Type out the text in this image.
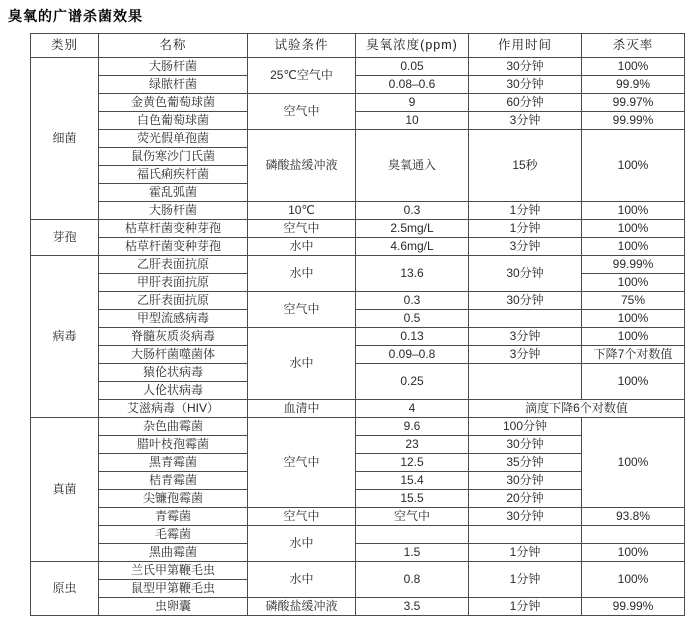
臭氧的广谱杀菌效果
类别	名称	试验条件	臭氧浓度(ppm)	作用时间	杀灭率
细菌	大肠杆菌	25℃空气中	0.05	30分钟	100%
	绿脓杆菌		0.08–0.6	30分钟	99.9%
	金黄色葡萄球菌	空气中	9	60分钟	99.97%
	白色葡萄球菌		10	3分钟	99.99%
	荧光假单孢菌	磷酸盐缓冲液	臭氧通入	15秒	100%
	鼠伤寒沙门氏菌				
	福氏痢疾杆菌				
	霍乱弧菌				
	大肠杆菌	10℃	0.3	1分钟	100%
芽孢	枯草杆菌变种芽孢	空气中	2.5mg/L	1分钟	100%
	枯草杆菌变种芽孢	水中	4.6mg/L	3分钟	100%
病毒	乙肝表面抗原	水中	13.6	30分钟	99.99%
	甲肝表面抗原				100%
	乙肝表面抗原	空气中	0.3	30分钟	75%
	甲型流感病毒		0.5		100%
	脊髓灰质炎病毒	水中	0.13	3分钟	100%
	大肠杆菌噬菌体		0.09–0.8	3分钟	下降7个对数值
	猿伦状病毒		0.25		100%
	人伦状病毒				
	艾滋病毒（HIV）	血清中	4	滴度下降6个对数值	
真菌	杂色曲霉菌	空气中	9.6	100分钟	100%
	腊叶枝孢霉菌		23	30分钟	
	黑青霉菌		12.5	35分钟	
	桔青霉菌		15.4	30分钟	
	尖镰孢霉菌		15.5	20分钟	
	青霉菌	空气中	空气中	30分钟	93.8%
	毛霉菌	水中			
	黑曲霉菌		1.5	1分钟	100%
原虫	兰氏甲第鞭毛虫	水中	0.8	1分钟	100%
	鼠型甲第鞭毛虫				
	虫卵囊	磷酸盐缓冲液	3.5	1分钟	99.99%
